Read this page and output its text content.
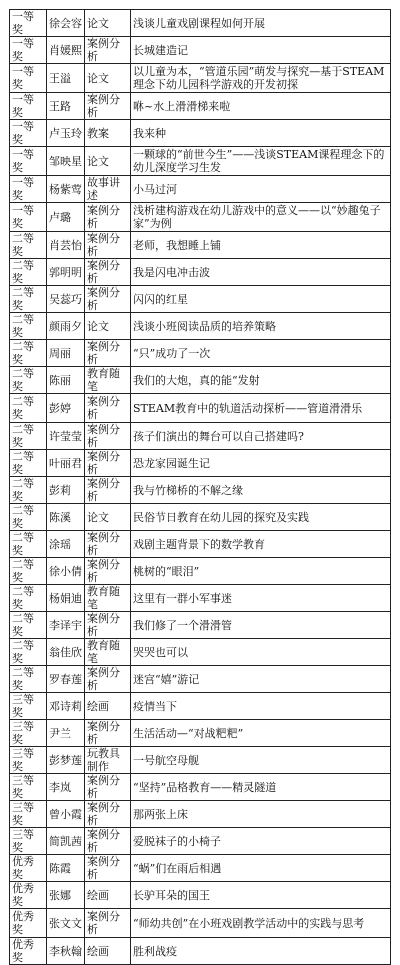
一等奖	徐会容	论文	浅谈儿童戏剧课程如何开展
一等奖	肖媛熙	案例分析	长城建造记
一等奖	王溢	论文	以儿童为本，“管道乐园”萌发与探究—基于STEAM理念下幼儿园科学游戏的开发初探
一等奖	王路	案例分析	咻~水上滑滑梯来啦
一等奖	卢玉玲	教案	我来种
一等奖	邹映星	论文	一颗球的“前世今生”——浅谈STEAM课程理念下的幼儿深度学习生发
一等奖	杨紫莺	故事讲述	小马过河
一等奖	卢璐	案例分析	浅析建构游戏在幼儿游戏中的意义——以“妙趣兔子家”为例
二等奖	肖芸怡	案例分析	老师，我想睡上铺
二等奖	郭明明	案例分析	我是闪电冲击波
二等奖	吴蕊巧	案例分析	闪闪的红星
二等奖	颜雨夕	论文	浅谈小班阅读品质的培养策略
二等奖	周丽	案例分析	“只”成功了一次
二等奖	陈丽	教育随笔	我们的大炮，真的能“发射
二等奖	彭婷	案例分析	STEAM教育中的轨道活动探析——管道滑滑乐
二等奖	许莹莹	案例分析	孩子们演出的舞台可以自己搭建吗?
二等奖	叶丽君	案例分析	恐龙家园诞生记
二等奖	彭莉	案例分析	我与竹梯桥的不解之缘
二等奖	陈溪	论文	民俗节日教育在幼儿园的探究及实践
二等奖	涂瑶	案例分析	戏剧主题背景下的数学教育
二等奖	徐小倩	案例分析	桃树的“眼泪”
二等奖	杨娟迪	教育随笔	这里有一群小军事迷
二等奖	李译宇	案例分析	我们修了一个滑滑管
二等奖	翁佳欣	教育随笔	哭哭也可以
二等奖	罗春莲	案例分析	迷宫“嬉”游记
三等奖	邓诗莉	绘画	疫情当下
三等奖	尹兰	案例分析	生活活动—“对战粑粑”
三等奖	彭梦莲	玩教具制作	一号航空母舰
三等奖	李岚	案例分析	“坚持”品格教育——精灵隧道
三等奖	曾小霞	案例分析	那两张上床
三等奖	简凯茜	案例分析	爱脱袜子的小椅子
优秀奖	陈霞	案例分析	“蜗”们在雨后相遇
优秀奖	张娜	绘画	长驴耳朵的国王
优秀奖	张文文	案例分析	“师幼共创”在小班戏剧教学活动中的实践与思考
优秀奖	李秋翰	绘画	胜利战疫
